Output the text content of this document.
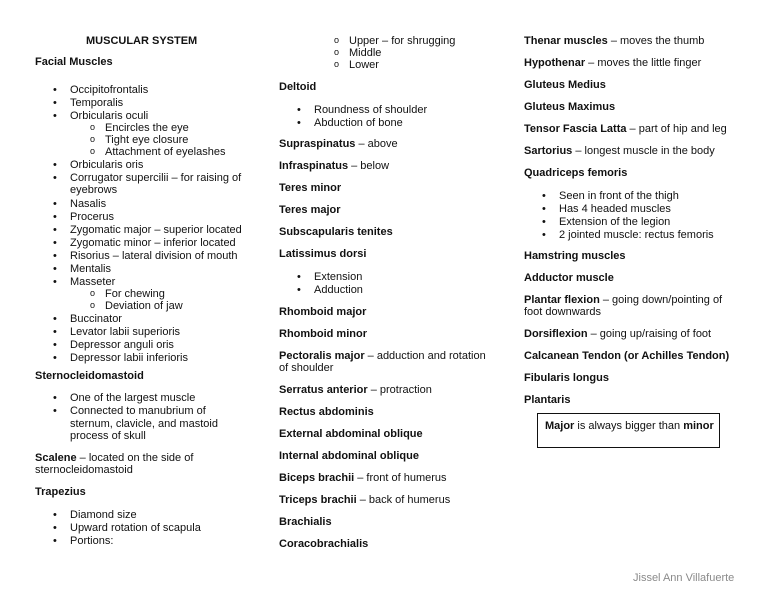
MUSCULAR SYSTEM
Facial Muscles
• Occipitofrontalis
• Temporalis
• Orbicularis oculi
o Encircles the eye
o Tight eye closure
o Attachment of eyelashes
• Orbicularis oris
• Corrugator supercilii – for raising of
eyebrows
• Nasalis
• Procerus
• Zygomatic major – superior located
• Zygomatic minor – inferior located
• Risorius – lateral division of mouth
• Mentalis
• Masseter
o For chewing
o Deviation of jaw
• Buccinator
• Levator labii superioris
• Depressor anguli oris
• Depressor labii inferioris
Sternocleidomastoid
• One of the largest muscle
• Connected to manubrium of
sternum, clavicle, and mastoid
process of skull
Scalene – located on the side of
sternocleidomastoid
Trapezius
• Diamond size
• Upward rotation of scapula
• Portions:
o Upper – for shrugging
o Middle
o Lower
Deltoid
• Roundness of shoulder
• Abduction of bone
Supraspinatus – above
Infraspinatus – below
Teres minor
Teres major
Subscapularis tenites
Latissimus dorsi
• Extension
• Adduction
Rhomboid major
Rhomboid minor
Pectoralis major – adduction and rotation
of shoulder
Serratus anterior – protraction
Rectus abdominis
External abdominal oblique
Internal abdominal oblique
Biceps brachii – front of humerus
Triceps brachii – back of humerus
Brachialis
Coracobrachialis
Thenar muscles – moves the thumb
Hypothenar – moves the little finger
Gluteus Medius
Gluteus Maximus
Tensor Fascia Latta – part of hip and leg
Sartorius – longest muscle in the body
Quadriceps femoris
• Seen in front of the thigh
• Has 4 headed muscles
• Extension of the legion
• 2 jointed muscle: rectus femoris
Hamstring muscles
Adductor muscle
Plantar flexion – going down/pointing of
foot downwards
Dorsiflexion – going up/raising of foot
Calcanean Tendon (or Achilles Tendon)
Fibularis longus
Plantaris
Major is always bigger than minor
Jissel Ann Villafuerte
